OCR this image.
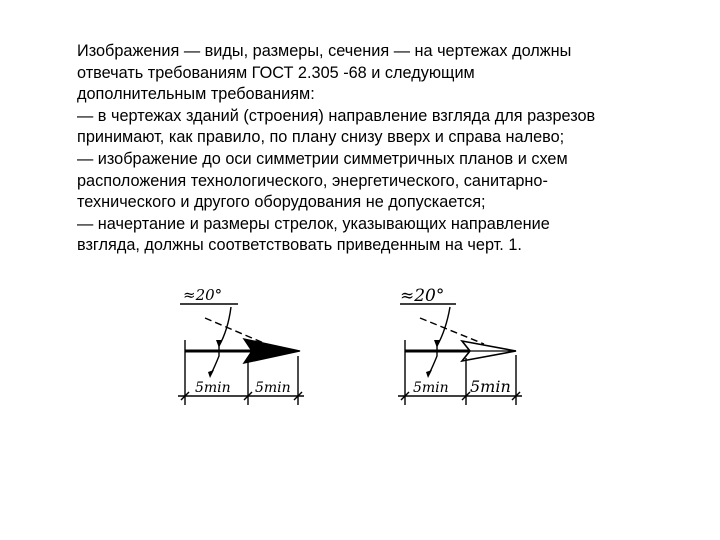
Изображения — виды, размеры, сечения — на чертежах должны
отвечать требованиям ГОСТ 2.305 -68 и следующим
дополнительным требованиям:
— в чертежах зданий (строения) направление взгляда для разрезов
принимают, как правило, по плану снизу вверх и справа налево;
— изображение до оси симметрии симметричных планов и схем
расположения технологического, энергетического, санитарно-
технического и другого оборудования не допускается;
— начертание и размеры стрелок, указывающих направление
взгляда, должны соответствовать приведенным на черт. 1.
≈20°
5min 5min
≈20°
5min 5min
